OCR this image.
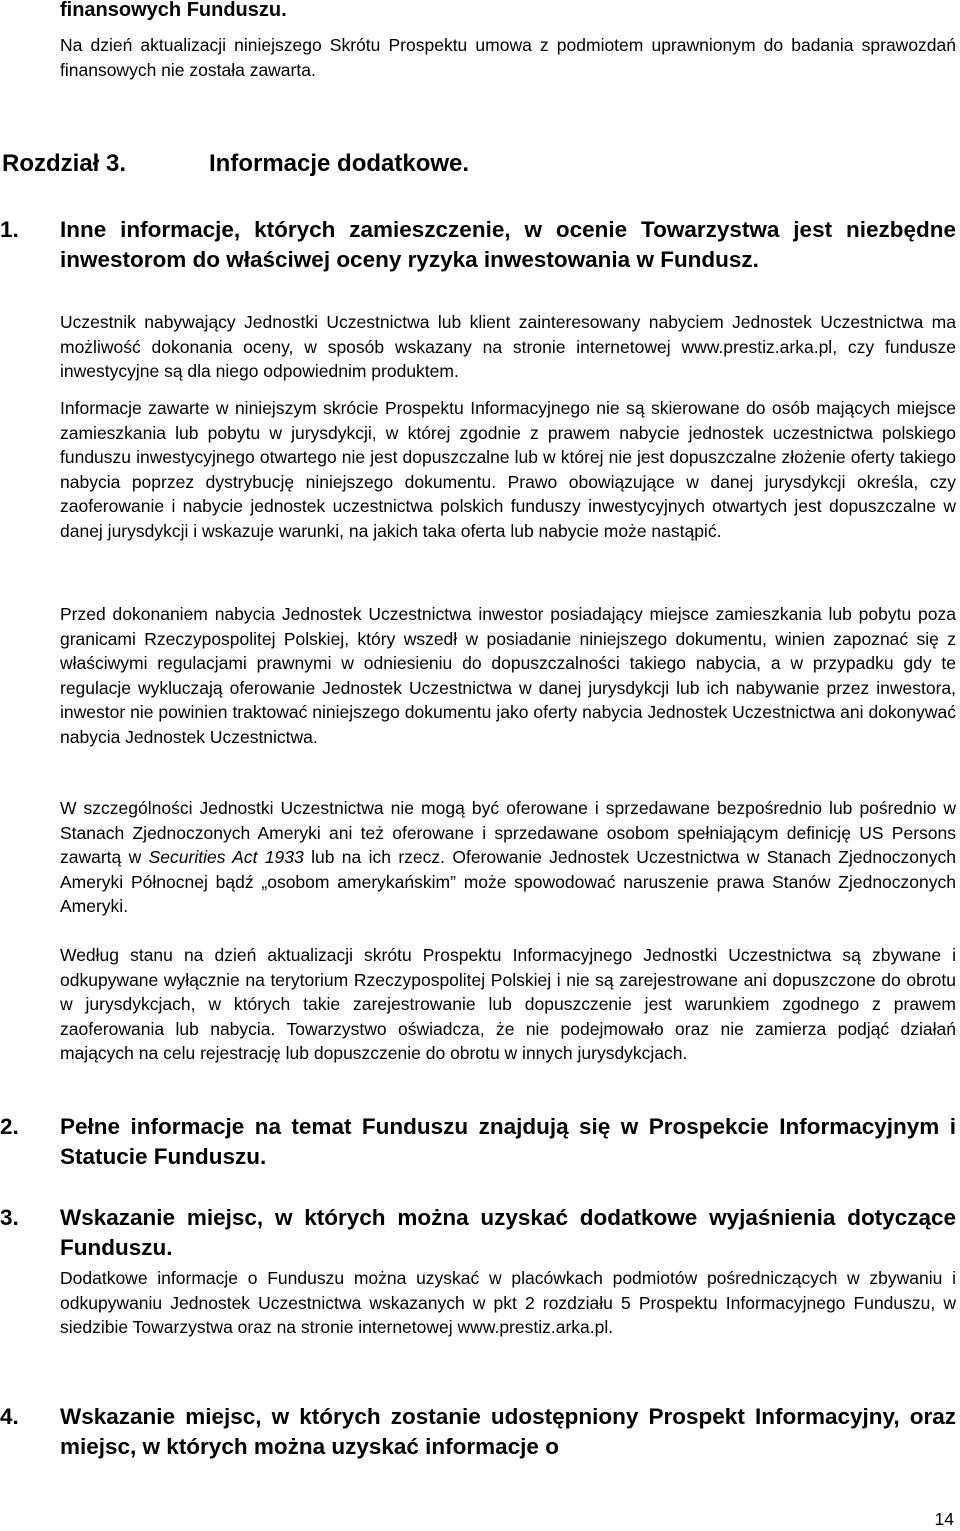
finansowych Funduszu.

Na dzień aktualizacji niniejszego Skrótu Prospektu umowa z podmiotem uprawnionym do badania sprawozdań finansowych nie została zawarta.

Rozdział 3.	Informacje dodatkowe.
1. Inne informacje, których zamieszczenie, w ocenie Towarzystwa jest niezbędne inwestorom do właściwej oceny ryzyka inwestowania w Fundusz.

Uczestnik nabywający Jednostki Uczestnictwa lub klient zainteresowany nabyciem Jednostek Uczestnictwa ma możliwość dokonania oceny, w sposób wskazany na stronie internetowej www.prestiz.arka.pl, czy fundusze inwestycyjne są dla niego odpowiednim produktem.

Informacje zawarte w niniejszym skrócie Prospektu Informacyjnego nie są skierowane do osób mających miejsce zamieszkania lub pobytu w jurysdykcji, w której zgodnie z prawem nabycie jednostek uczestnictwa polskiego funduszu inwestycyjnego otwartego nie jest dopuszczalne lub w której nie jest dopuszczalne złożenie oferty takiego nabycia poprzez dystrybucję niniejszego dokumentu. Prawo obowiązujące w danej jurysdykcji określa, czy zaoferowanie i nabycie jednostek uczestnictwa polskich funduszy inwestycyjnych otwartych jest dopuszczalne w danej jurysdykcji i wskazuje warunki, na jakich taka oferta lub nabycie może nastąpić.

Przed dokonaniem nabycia Jednostek Uczestnictwa inwestor posiadający miejsce zamieszkania lub pobytu poza granicami Rzeczypospolitej Polskiej, który wszedł w posiadanie niniejszego dokumentu, winien zapoznać się z właściwymi regulacjami prawnymi w odniesieniu do dopuszczalności takiego nabycia, a w przypadku gdy te regulacje wykluczają oferowanie Jednostek Uczestnictwa w danej jurysdykcji lub ich nabywanie przez inwestora, inwestor nie powinien traktować niniejszego dokumentu jako oferty nabycia Jednostek Uczestnictwa ani dokonywać nabycia Jednostek Uczestnictwa.

W szczególności Jednostki Uczestnictwa nie mogą być oferowane i sprzedawane bezpośrednio lub pośrednio w Stanach Zjednoczonych Ameryki ani też oferowane i sprzedawane osobom spełniającym definicję US Persons zawartą w Securities Act 1933 lub na ich rzecz. Oferowanie Jednostek Uczestnictwa w Stanach Zjednoczonych Ameryki Północnej bądź „osobom amerykańskim” może spowodować naruszenie prawa Stanów Zjednoczonych Ameryki.

Według stanu na dzień aktualizacji skrótu Prospektu Informacyjnego Jednostki Uczestnictwa są zbywane i odkupywane wyłącznie na terytorium Rzeczypospolitej Polskiej i nie są zarejestrowane ani dopuszczone do obrotu w jurysdykcjach, w których takie zarejestrowanie lub dopuszczenie jest warunkiem zgodnego z prawem zaoferowania lub nabycia. Towarzystwo oświadcza, że nie podejmowało oraz nie zamierza podjąć działań mających na celu rejestrację lub dopuszczenie do obrotu w innych jurysdykcjach.

2. Pełne informacje na temat Funduszu znajdują się w Prospekcie Informacyjnym i Statucie Funduszu.
3. Wskazanie miejsc, w których można uzyskać dodatkowe wyjaśnienia dotyczące Funduszu.

Dodatkowe informacje o Funduszu można uzyskać w placówkach podmiotów pośredniczących w zbywaniu i odkupywaniu Jednostek Uczestnictwa wskazanych w pkt 2 rozdziału 5 Prospektu Informacyjnego Funduszu, w siedzibie Towarzystwa oraz na stronie internetowej www.prestiz.arka.pl.

4. Wskazanie miejsc, w których zostanie udostępniony Prospekt Informacyjny, oraz miejsc, w których można uzyskać informacje o
14
